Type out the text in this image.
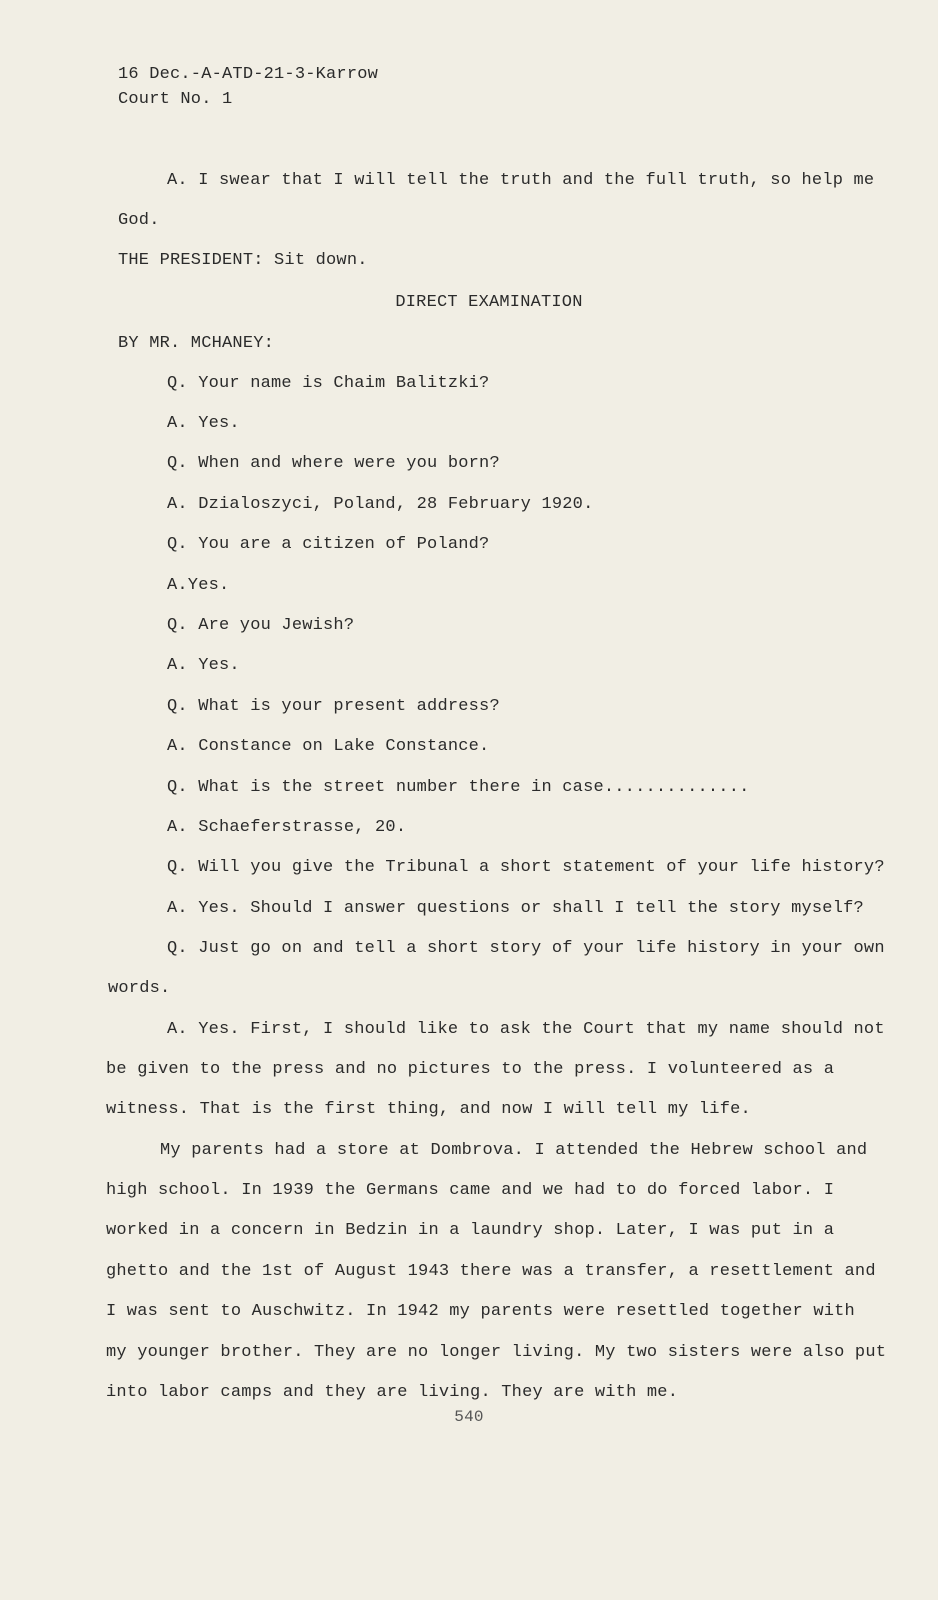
16 Dec.-A-ATD-21-3-Karrow
Court No. 1
A. I swear that I will tell the truth and the full truth, so help me
God.
THE PRESIDENT: Sit down.
DIRECT EXAMINATION
BY MR. MCHANEY:
Q. Your name is Chaim Balitzki?
A. Yes.
Q. When and where were you born?
A. Dzialoszyci, Poland, 28 February 1920.
Q. You are a citizen of Poland?
A.Yes.
Q. Are you Jewish?
A. Yes.
Q. What is your present address?
A. Constance on Lake Constance.
Q. What is the street number there in case..............
A. Schaeferstrasse, 20.
Q. Will you give the Tribunal a short statement of your life history?
A. Yes. Should I answer questions or shall I tell the story myself?
Q. Just go on and tell a short story of your life history in your own
words.
A. Yes. First, I should like to ask the Court that my name should not
be given to the press and no pictures to the press. I volunteered as a
witness. That is the first thing, and now I will tell my life.
My parents had a store at Dombrova. I attended the Hebrew school and
high school. In 1939 the Germans came and we had to do forced labor. I
worked in a concern in Bedzin in a laundry shop. Later, I was put in a
ghetto and the 1st of August 1943 there was a transfer, a resettlement and
I was sent to Auschwitz. In 1942 my parents were resettled together with
my younger brother. They are no longer living. My two sisters were also put
into labor camps and they are living. They are with me.
540
